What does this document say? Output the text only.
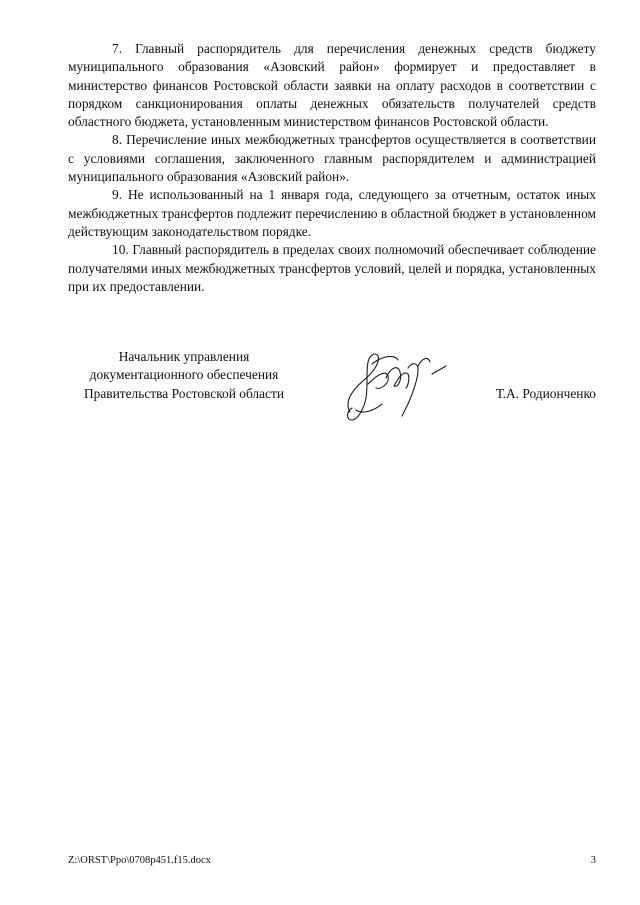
7. Главный распорядитель для перечисления денежных средств бюджету муниципального образования «Азовский район» формирует и предоставляет в министерство финансов Ростовской области заявки на оплату расходов в соответствии с порядком санкционирования оплаты денежных обязательств получателей средств областного бюджета, установленным министерством финансов Ростовской области.

8. Перечисление иных межбюджетных трансфертов осуществляется в соответствии с условиями соглашения, заключенного главным распорядителем и администрацией муниципального образования «Азовский район».

9. Не использованный на 1 января года, следующего за отчетным, остаток иных межбюджетных трансфертов подлежит перечислению в областной бюджет в установленном действующим законодательством порядке.

10. Главный распорядитель в пределах своих полномочий обеспечивает соблюдение получателями иных межбюджетных трансфертов условий, целей и порядка, установленных при их предоставлении.

Начальник управления
документационного обеспечения
Правительства Ростовской области	Т.А. Родионченко
Z:\ORST\Ppo\0708p451.f15.docx	3
